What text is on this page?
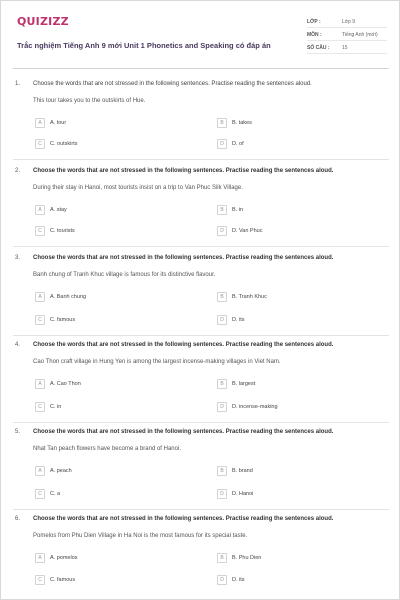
QUIZIZZ
Trắc nghiệm Tiếng Anh 9 mới Unit 1 Phonetics and Speaking có đáp án
LỚP :	Lớp 9
MÔN :	Tiếng Anh (mới)
SỐ CÂU :	15
1. Choose the words that are not stressed in the following sentences. Practise reading the sentences aloud.
This tour takes you to the outskirts of Hue.
A	A. tour	B	B. takes
C	C. outskirts	D	D. of
2. Choose the words that are not stressed in the following sentences. Practise reading the sentences aloud.
During their stay in Hanoi, most tourists insist on a trip to Van Phuc Silk Village.
A	A. stay	B	B. in
C	C. tourists	D	D. Van Phuc
3. Choose the words that are not stressed in the following sentences. Practise reading the sentences aloud.
Banh chung of Tranh Khuc village is famous for its distinctive flavour.
A	A. Banh chung	B	B. Tranh Khuc
C	C. famous	D	D. its
4. Choose the words that are not stressed in the following sentences. Practise reading the sentences aloud.
Cao Thon craft village in Hung Yen is among the largest incense-making villages in Viet Nam.
A	A. Cao Thon	B	B. largest
C	C. in	D	D. incense-making
5. Choose the words that are not stressed in the following sentences. Practise reading the sentences aloud.
Nhat Tan peach flowers have become a brand of Hanoi.
A	A. peach	B	B. brand
C	C. a	D	D. Hanoi
6. Choose the words that are not stressed in the following sentences. Practise reading the sentences aloud.
Pomelos from Phu Dien Village in Ha Noi is the most famous for its special taste.
A	A. pomelos	B	B. Phu Dien
C	C. famous	D	D. its
